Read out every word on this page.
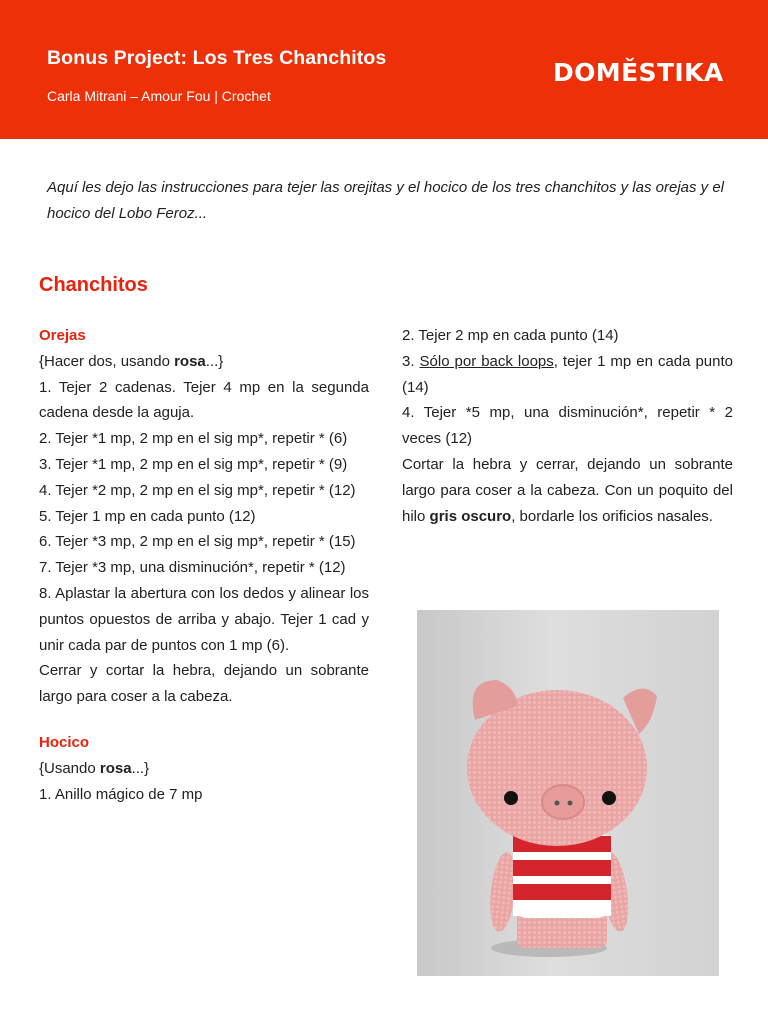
Bonus Project: Los Tres Chanchitos
Carla Mitrani – Amour Fou | Crochet
DOMĚSTIKA
Aquí les dejo las instrucciones para tejer las orejitas y el hocico de los tres chanchitos y las orejas y el hocico del Lobo Feroz...
Chanchitos

Orejas

{Hacer dos, usando rosa...}

1. Tejer 2 cadenas. Tejer 4 mp en la segunda cadena desde la aguja.

2. Tejer *1 mp, 2 mp en el sig mp*, repetir * (6)

3. Tejer *1 mp, 2 mp en el sig mp*, repetir * (9)

4. Tejer *2 mp, 2 mp en el sig mp*, repetir * (12)

5. Tejer 1 mp en cada punto (12)

6. Tejer *3 mp, 2 mp en el sig mp*, repetir * (15)

7. Tejer *3 mp, una disminución*, repetir * (12)

8. Aplastar la abertura con los dedos y alinear los puntos opuestos de arriba y abajo. Tejer 1 cad y unir cada par de puntos con 1 mp (6).

Cerrar y cortar la hebra, dejando un sobrante largo para coser a la cabeza.

Hocico

{Usando rosa...}

1. Anillo mágico de 7 mp

2. Tejer 2 mp en cada punto (14)

3. Sólo por back loops, tejer 1 mp en cada punto (14)

4. Tejer *5 mp, una disminución*, repetir * 2 veces (12)

Cortar la hebra y cerrar, dejando un sobrante largo para coser a la cabeza. Con un poquito del hilo gris oscuro, bordarle los orificios nasales.
